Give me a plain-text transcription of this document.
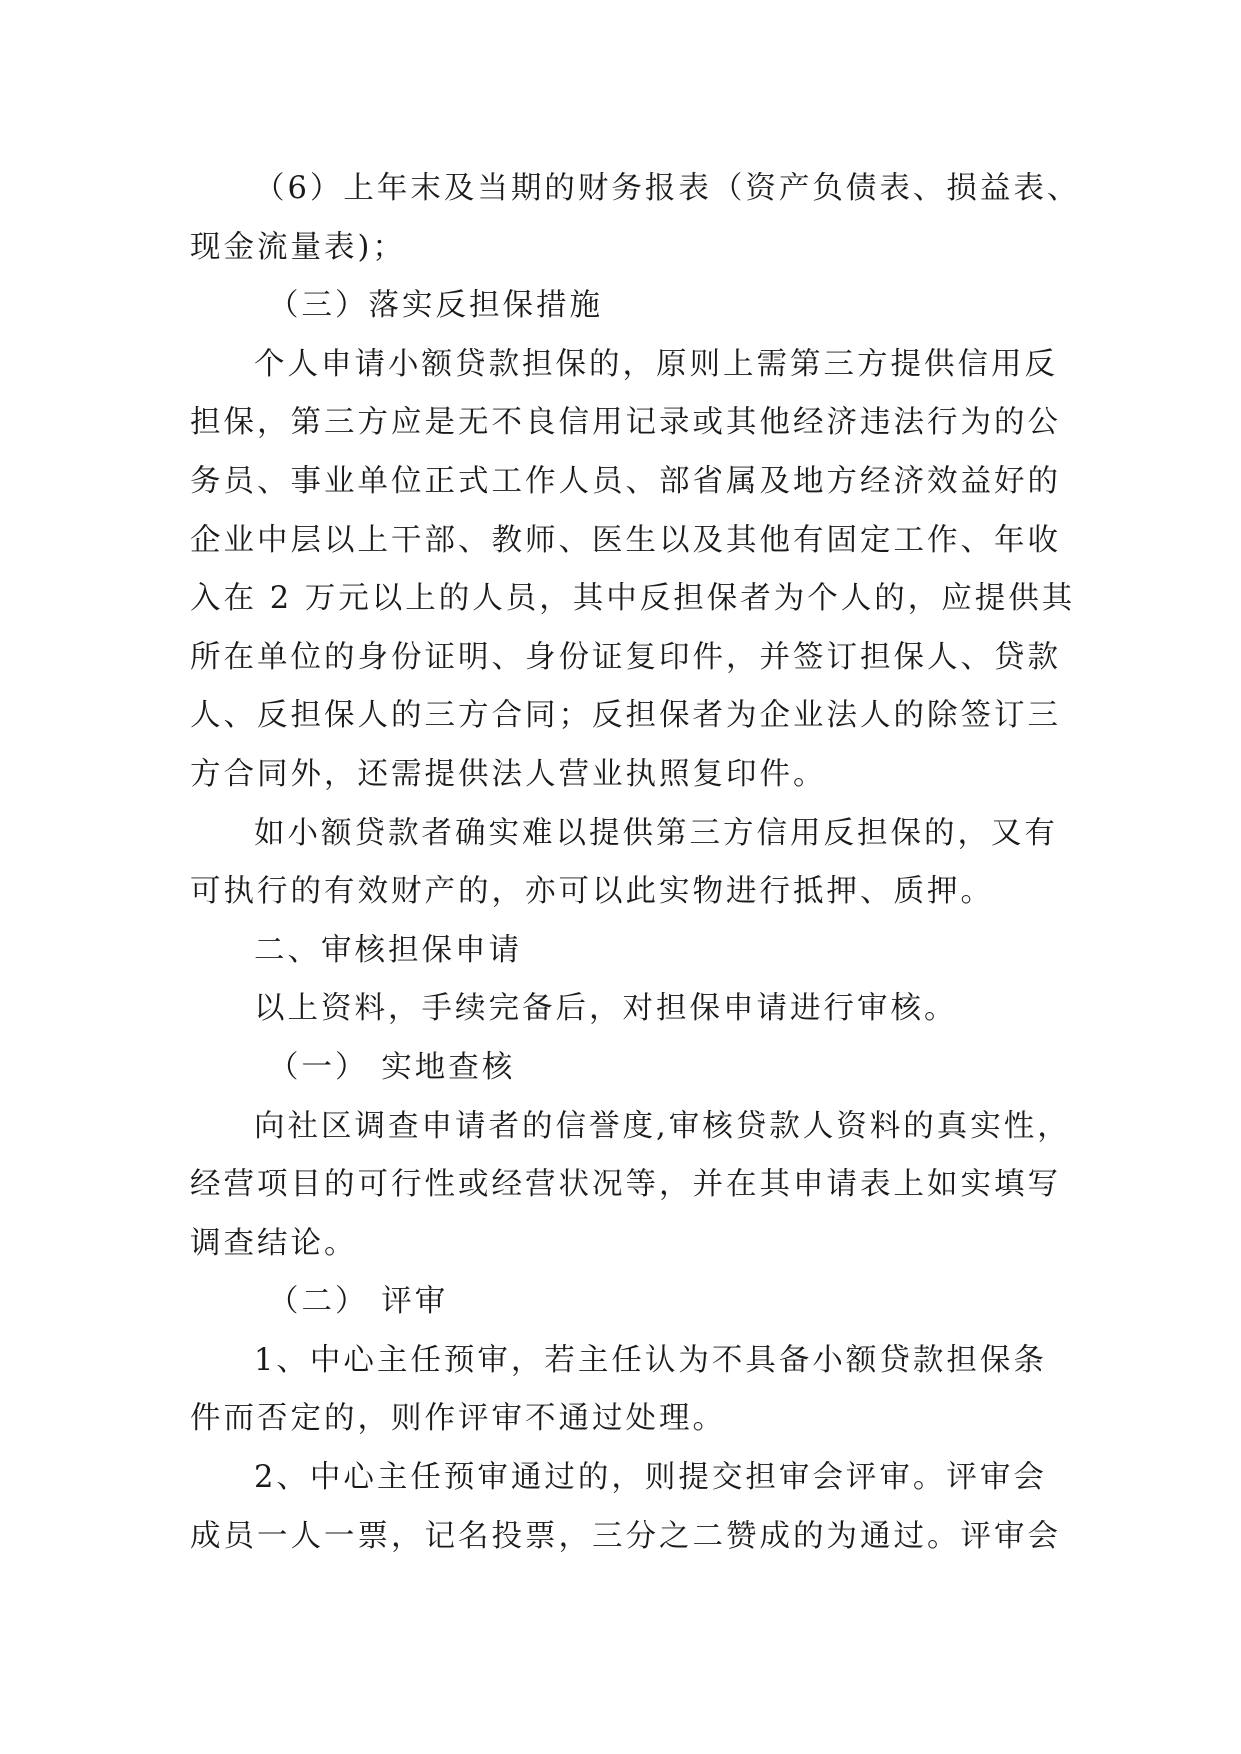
（6）上年末及当期的财务报表（资产负债表、损益表、
现金流量表)；
（三）落实反担保措施
个人申请小额贷款担保的，原则上需第三方提供信用反
担保，第三方应是无不良信用记录或其他经济违法行为的公
务员、事业单位正式工作人员、部省属及地方经济效益好的
企业中层以上干部、教师、医生以及其他有固定工作、年收
入在 2 万元以上的人员，其中反担保者为个人的，应提供其
所在单位的身份证明、身份证复印件，并签订担保人、贷款
人、反担保人的三方合同；反担保者为企业法人的除签订三
方合同外，还需提供法人营业执照复印件。
如小额贷款者确实难以提供第三方信用反担保的，又有
可执行的有效财产的，亦可以此实物进行抵押、质押。
二、审核担保申请
以上资料，手续完备后，对担保申请进行审核。
（一） 实地查核
向社区调查申请者的信誉度,审核贷款人资料的真实性，
经营项目的可行性或经营状况等，并在其申请表上如实填写
调查结论。
（二） 评审
1、中心主任预审，若主任认为不具备小额贷款担保条
件而否定的，则作评审不通过处理。
2、中心主任预审通过的，则提交担审会评审。评审会
成员一人一票，记名投票，三分之二赞成的为通过。评审会
